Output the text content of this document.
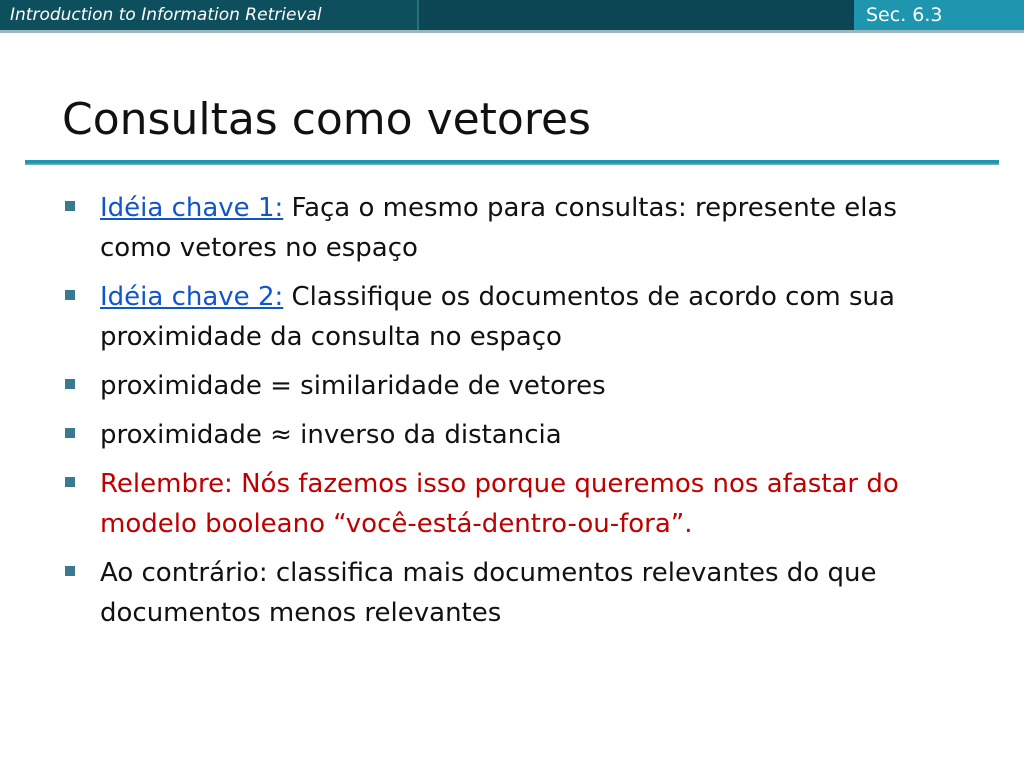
Introduction to Information Retrieval	Sec. 6.3
Consultas como vetores
Idéia chave 1: Faça o mesmo para consultas: represente elas como vetores no espaço
Idéia chave 2: Classifique os documentos de acordo com sua proximidade da consulta no espaço
proximidade = similaridade de vetores
proximidade ≈ inverso da distancia
Relembre: Nós fazemos isso porque queremos nos afastar do modelo booleano “você-está-dentro-ou-fora”.
Ao contrário: classifica mais documentos relevantes do que documentos menos relevantes
